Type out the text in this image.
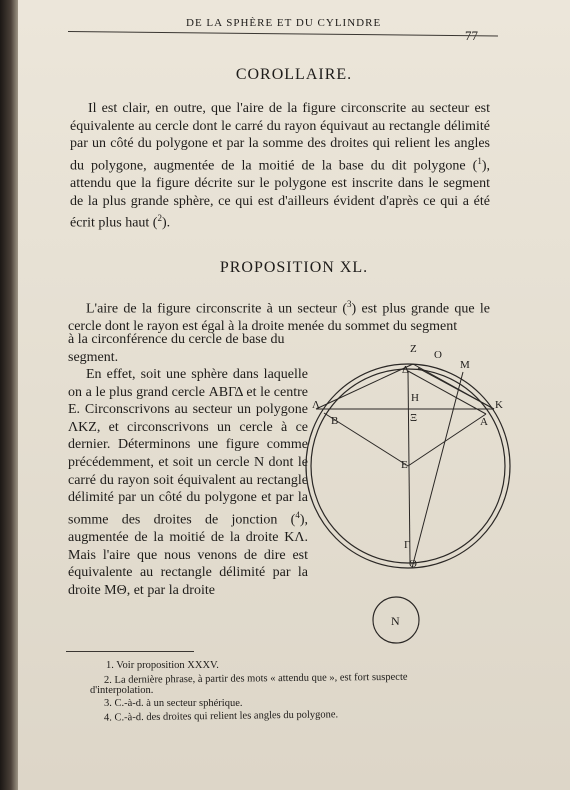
DE LA SPHÈRE ET DU CYLINDRE
77
COROLLAIRE.
Il est clair, en outre, que l'aire de la figure circonscrite au secteur est équivalente au cercle dont le carré du rayon équivaut au rectangle délimité par un côté du polygone et par la somme des droites qui relient les angles du polygone, augmentée de la moitié de la base du dit polygone ($^1$), attendu que la figure décrite sur le polygone est inscrite dans le segment de la plus grande sphère, ce qui est d'ailleurs évident d'après ce qui a été écrit plus haut ($^2$).
PROPOSITION XL.
L'aire de la figure circonscrite à un secteur ($^3$) est plus grande que le cercle dont le rayon est égal à la droite menée du sommet du segment
à la circonférence du cercle de base du segment.
En effet, soit une sphère dans laquelle on a le plus grand cercle ΑΒΓΔ et le centre Ε. Circonscrivons au secteur un polygone ΛΚΖ, et circonscrivons un cercle à ce dernier. Déterminons une figure comme précédemment, et soit un cercle Ν dont le carré du rayon soit équivalent au rectangle délimité par un côté du polygone et par la somme des droites de jonction ($^4$), augmentée de la moitié de la droite ΚΛ. Mais l'aire que nous venons de dire est équivalente au rectangle délimité par la droite ΜΘ, et par la droite
Ζ Ο
Μ
Δ
Η
Ξ
Λ	Κ
Β	Α
Ε
Γ
Θ
Ν

1. Voir proposition XXXV.

2. La dernière phrase, à partir des mots « attendu que », est fort suspecte

d'interpolation.

3. C.-à-d. à un secteur sphérique.

4. C.-à-d. des droites qui relient les angles du polygone.
